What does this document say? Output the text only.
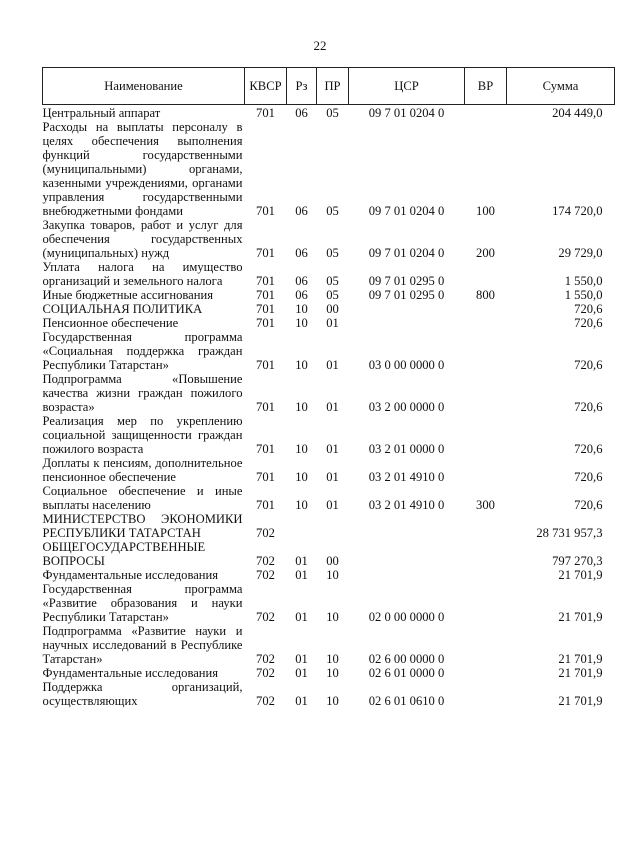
22
Наименование	КВСР	Рз	ПР	ЦСР	ВР	Сумма
Центральный аппарат	701	06	05	09 7 01 0204 0		204 449,0
Расходы на выплаты персоналу в целях обеспечения выполнения функций государственными (муниципальными) органами, казенными учреждениями, органами управления государственными внебюджетными фондами	701	06	05	09 7 01 0204 0	100	174 720,0
Закупка товаров, работ и услуг для обеспечения государственных (муниципальных) нужд	701	06	05	09 7 01 0204 0	200	29 729,0
Уплата налога на имущество организаций и земельного налога	701	06	05	09 7 01 0295 0		1 550,0
Иные бюджетные ассигнования	701	06	05	09 7 01 0295 0	800	1 550,0
СОЦИАЛЬНАЯ ПОЛИТИКА	701	10	00			720,6
Пенсионное обеспечение	701	10	01			720,6
Государственная программа «Социальная поддержка граждан Республики Татарстан»	701	10	01	03 0 00 0000 0		720,6
Подпрограмма «Повышение качества жизни граждан пожилого возраста»	701	10	01	03 2 00 0000 0		720,6
Реализация мер по укреплению социальной защищенности граждан пожилого возраста	701	10	01	03 2 01 0000 0		720,6
Доплаты к пенсиям, дополнительное пенсионное обеспечение	701	10	01	03 2 01 4910 0		720,6
Социальное обеспечение и иные выплаты населению	701	10	01	03 2 01 4910 0	300	720,6
МИНИСТЕРСТВО ЭКОНОМИКИ РЕСПУБЛИКИ ТАТАРСТАН	702					28 731 957,3
ОБЩЕГОСУДАРСТВЕННЫЕ ВОПРОСЫ	702	01	00			797 270,3
Фундаментальные исследования	702	01	10			21 701,9
Государственная программа «Развитие образования и науки Республики Татарстан»	702	01	10	02 0 00 0000 0		21 701,9
Подпрограмма «Развитие науки и научных исследований в Республике Татарстан»	702	01	10	02 6 00 0000 0		21 701,9
Фундаментальные исследования	702	01	10	02 6 01 0000 0		21 701,9
Поддержка организаций, осуществляющих	702	01	10	02 6 01 0610 0		21 701,9
